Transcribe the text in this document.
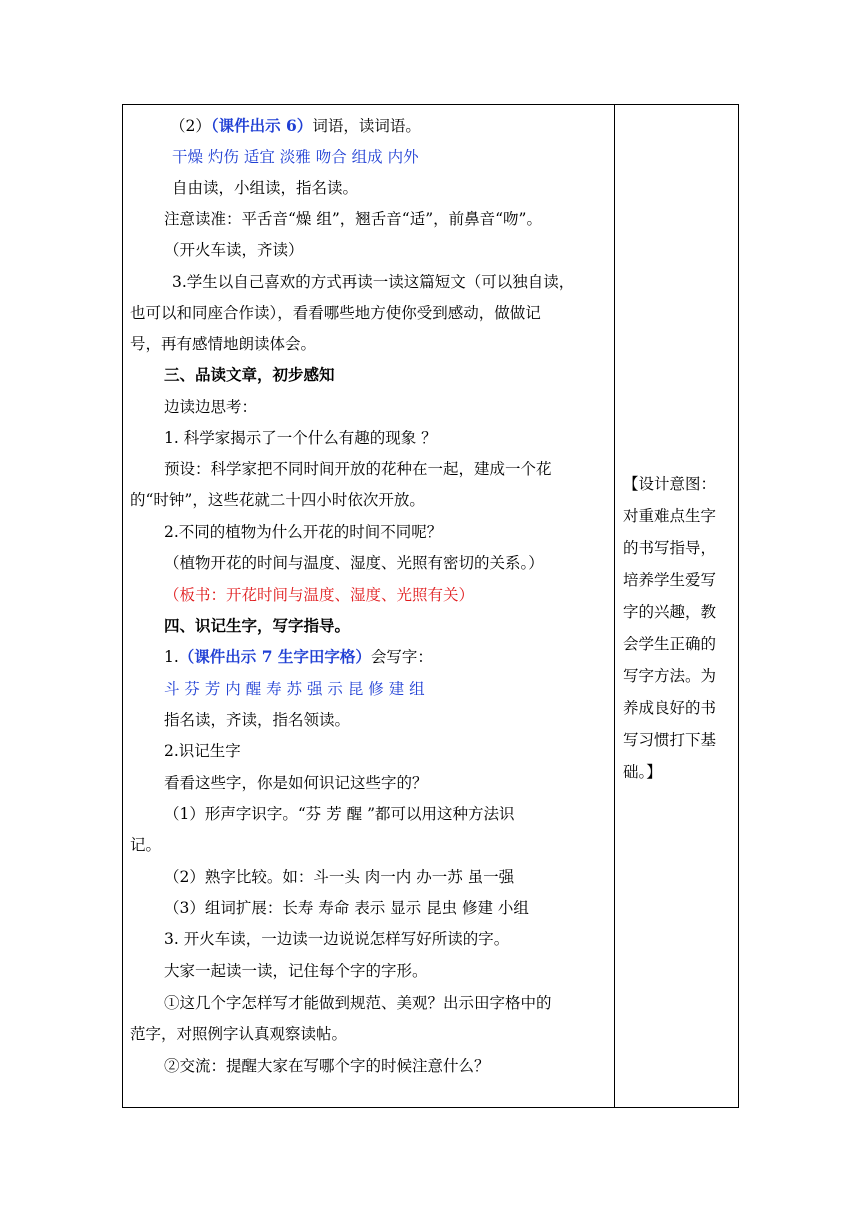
（2）（课件出示 6）词语，读词语。
干燥 灼伤 适宜 淡雅 吻合 组成 内外
自由读，小组读，指名读。
注意读准：平舌音“燥 组”，翘舌音“适”，前鼻音“吻”。
（开火车读，齐读）
3.学生以自己喜欢的方式再读一读这篇短文（可以独自读，
也可以和同座合作读），看看哪些地方使你受到感动，做做记
号，再有感情地朗读体会。
三、品读文章，初步感知
边读边思考：
1. 科学家揭示了一个什么有趣的现象 ？
预设：科学家把不同时间开放的花种在一起，建成一个花
的“时钟”，这些花就二十四小时依次开放。
2.不同的植物为什么开花的时间不同呢？
（植物开花的时间与温度、湿度、光照有密切的关系。）
（板书：开花时间与温度、湿度、光照有关）
四、识记生字，写字指导。
1.（课件出示 7 生字田字格）会写字：
斗 芬 芳 内 醒 寿 苏 强 示 昆 修 建 组
指名读，齐读，指名领读。
2.识记生字
看看这些字，你是如何识记这些字的？
（1）形声字识字。“芬 芳 醒 ”都可以用这种方法识
记。
（2）熟字比较。如：斗一头 肉一内 办一苏 虽一强
（3）组词扩展：长寿 寿命 表示 显示 昆虫 修建 小组
3. 开火车读，一边读一边说说怎样写好所读的字。
大家一起读一读，记住每个字的字形。
①这几个字怎样写才能做到规范、美观？出示田字格中的
范字，对照例字认真观察读帖。
②交流：提醒大家在写哪个字的时候注意什么？
【设计意图：
对重难点生字
的书写指导，
培养学生爱写
字的兴趣，教
会学生正确的
写字方法。为
养成良好的书
写习惯打下基
础。】
